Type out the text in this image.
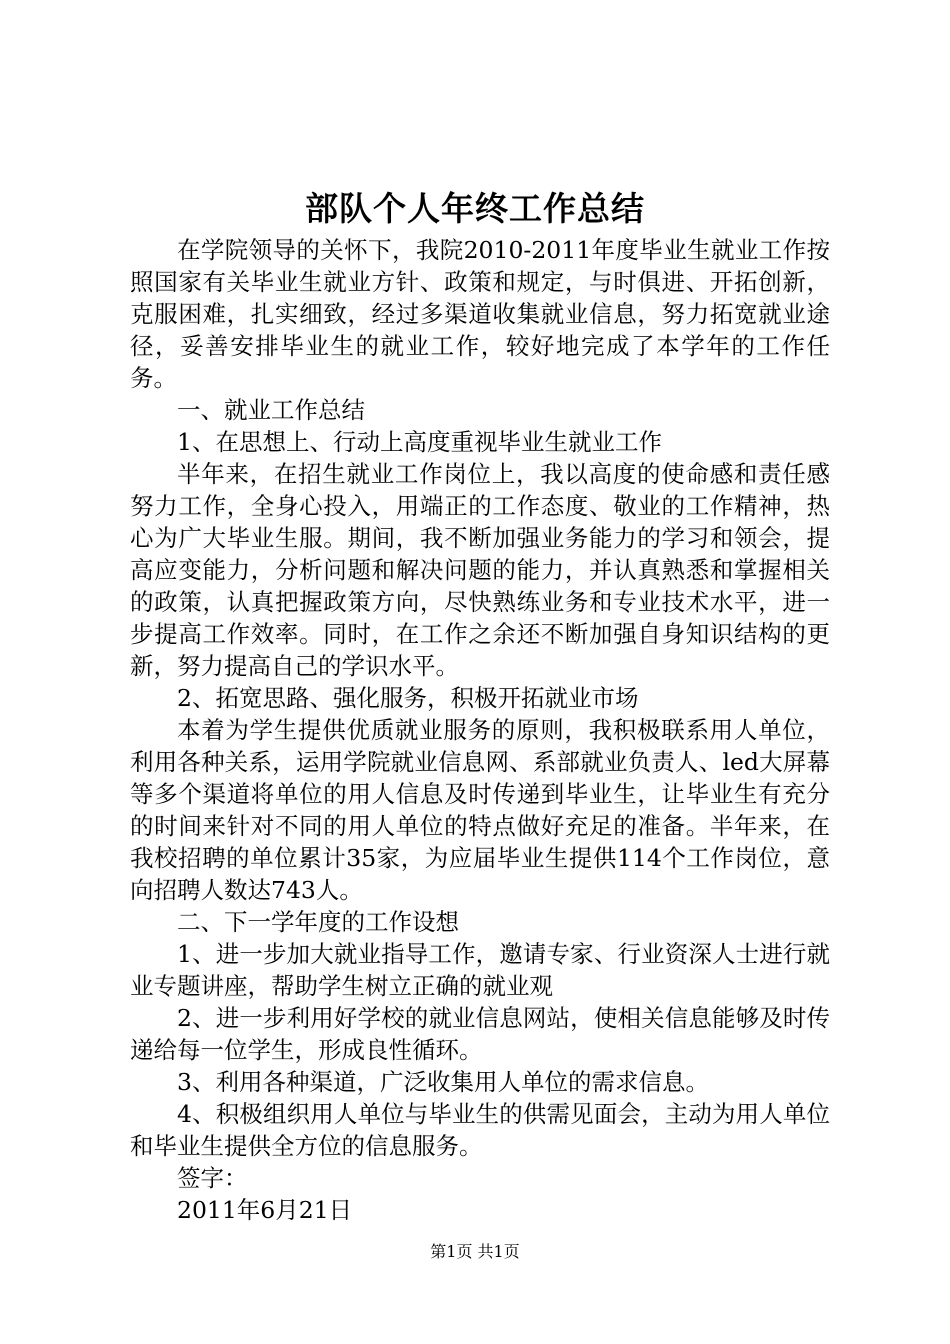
部队个人年终工作总结

在学院领导的关怀下，我院2010-2011年度毕业生就业工作按照国家有关毕业生就业方针、政策和规定，与时俱进、开拓创新，克服困难，扎实细致，经过多渠道收集就业信息，努力拓宽就业途径，妥善安排毕业生的就业工作，较好地完成了本学年的工作任务。

一、就业工作总结

1、在思想上、行动上高度重视毕业生就业工作

半年来，在招生就业工作岗位上，我以高度的使命感和责任感努力工作，全身心投入，用端正的工作态度、敬业的工作精神，热心为广大毕业生服。期间，我不断加强业务能力的学习和领会，提高应变能力，分析问题和解决问题的能力，并认真熟悉和掌握相关的政策，认真把握政策方向，尽快熟练业务和专业技术水平，进一步提高工作效率。同时，在工作之余还不断加强自身知识结构的更新，努力提高自己的学识水平。

2、拓宽思路、强化服务，积极开拓就业市场

本着为学生提供优质就业服务的原则，我积极联系用人单位，利用各种关系，运用学院就业信息网、系部就业负责人、led大屏幕等多个渠道将单位的用人信息及时传递到毕业生，让毕业生有充分的时间来针对不同的用人单位的特点做好充足的准备。半年来，在我校招聘的单位累计35家，为应届毕业生提供114个工作岗位，意向招聘人数达743人。

二、下一学年度的工作设想

1、进一步加大就业指导工作，邀请专家、行业资深人士进行就业专题讲座，帮助学生树立正确的就业观

2、进一步利用好学校的就业信息网站，使相关信息能够及时传递给每一位学生，形成良性循环。

3、利用各种渠道，广泛收集用人单位的需求信息。

4、积极组织用人单位与毕业生的供需见面会，主动为用人单位和毕业生提供全方位的信息服务。

签字：

2011年6月21日

第1页 共1页
